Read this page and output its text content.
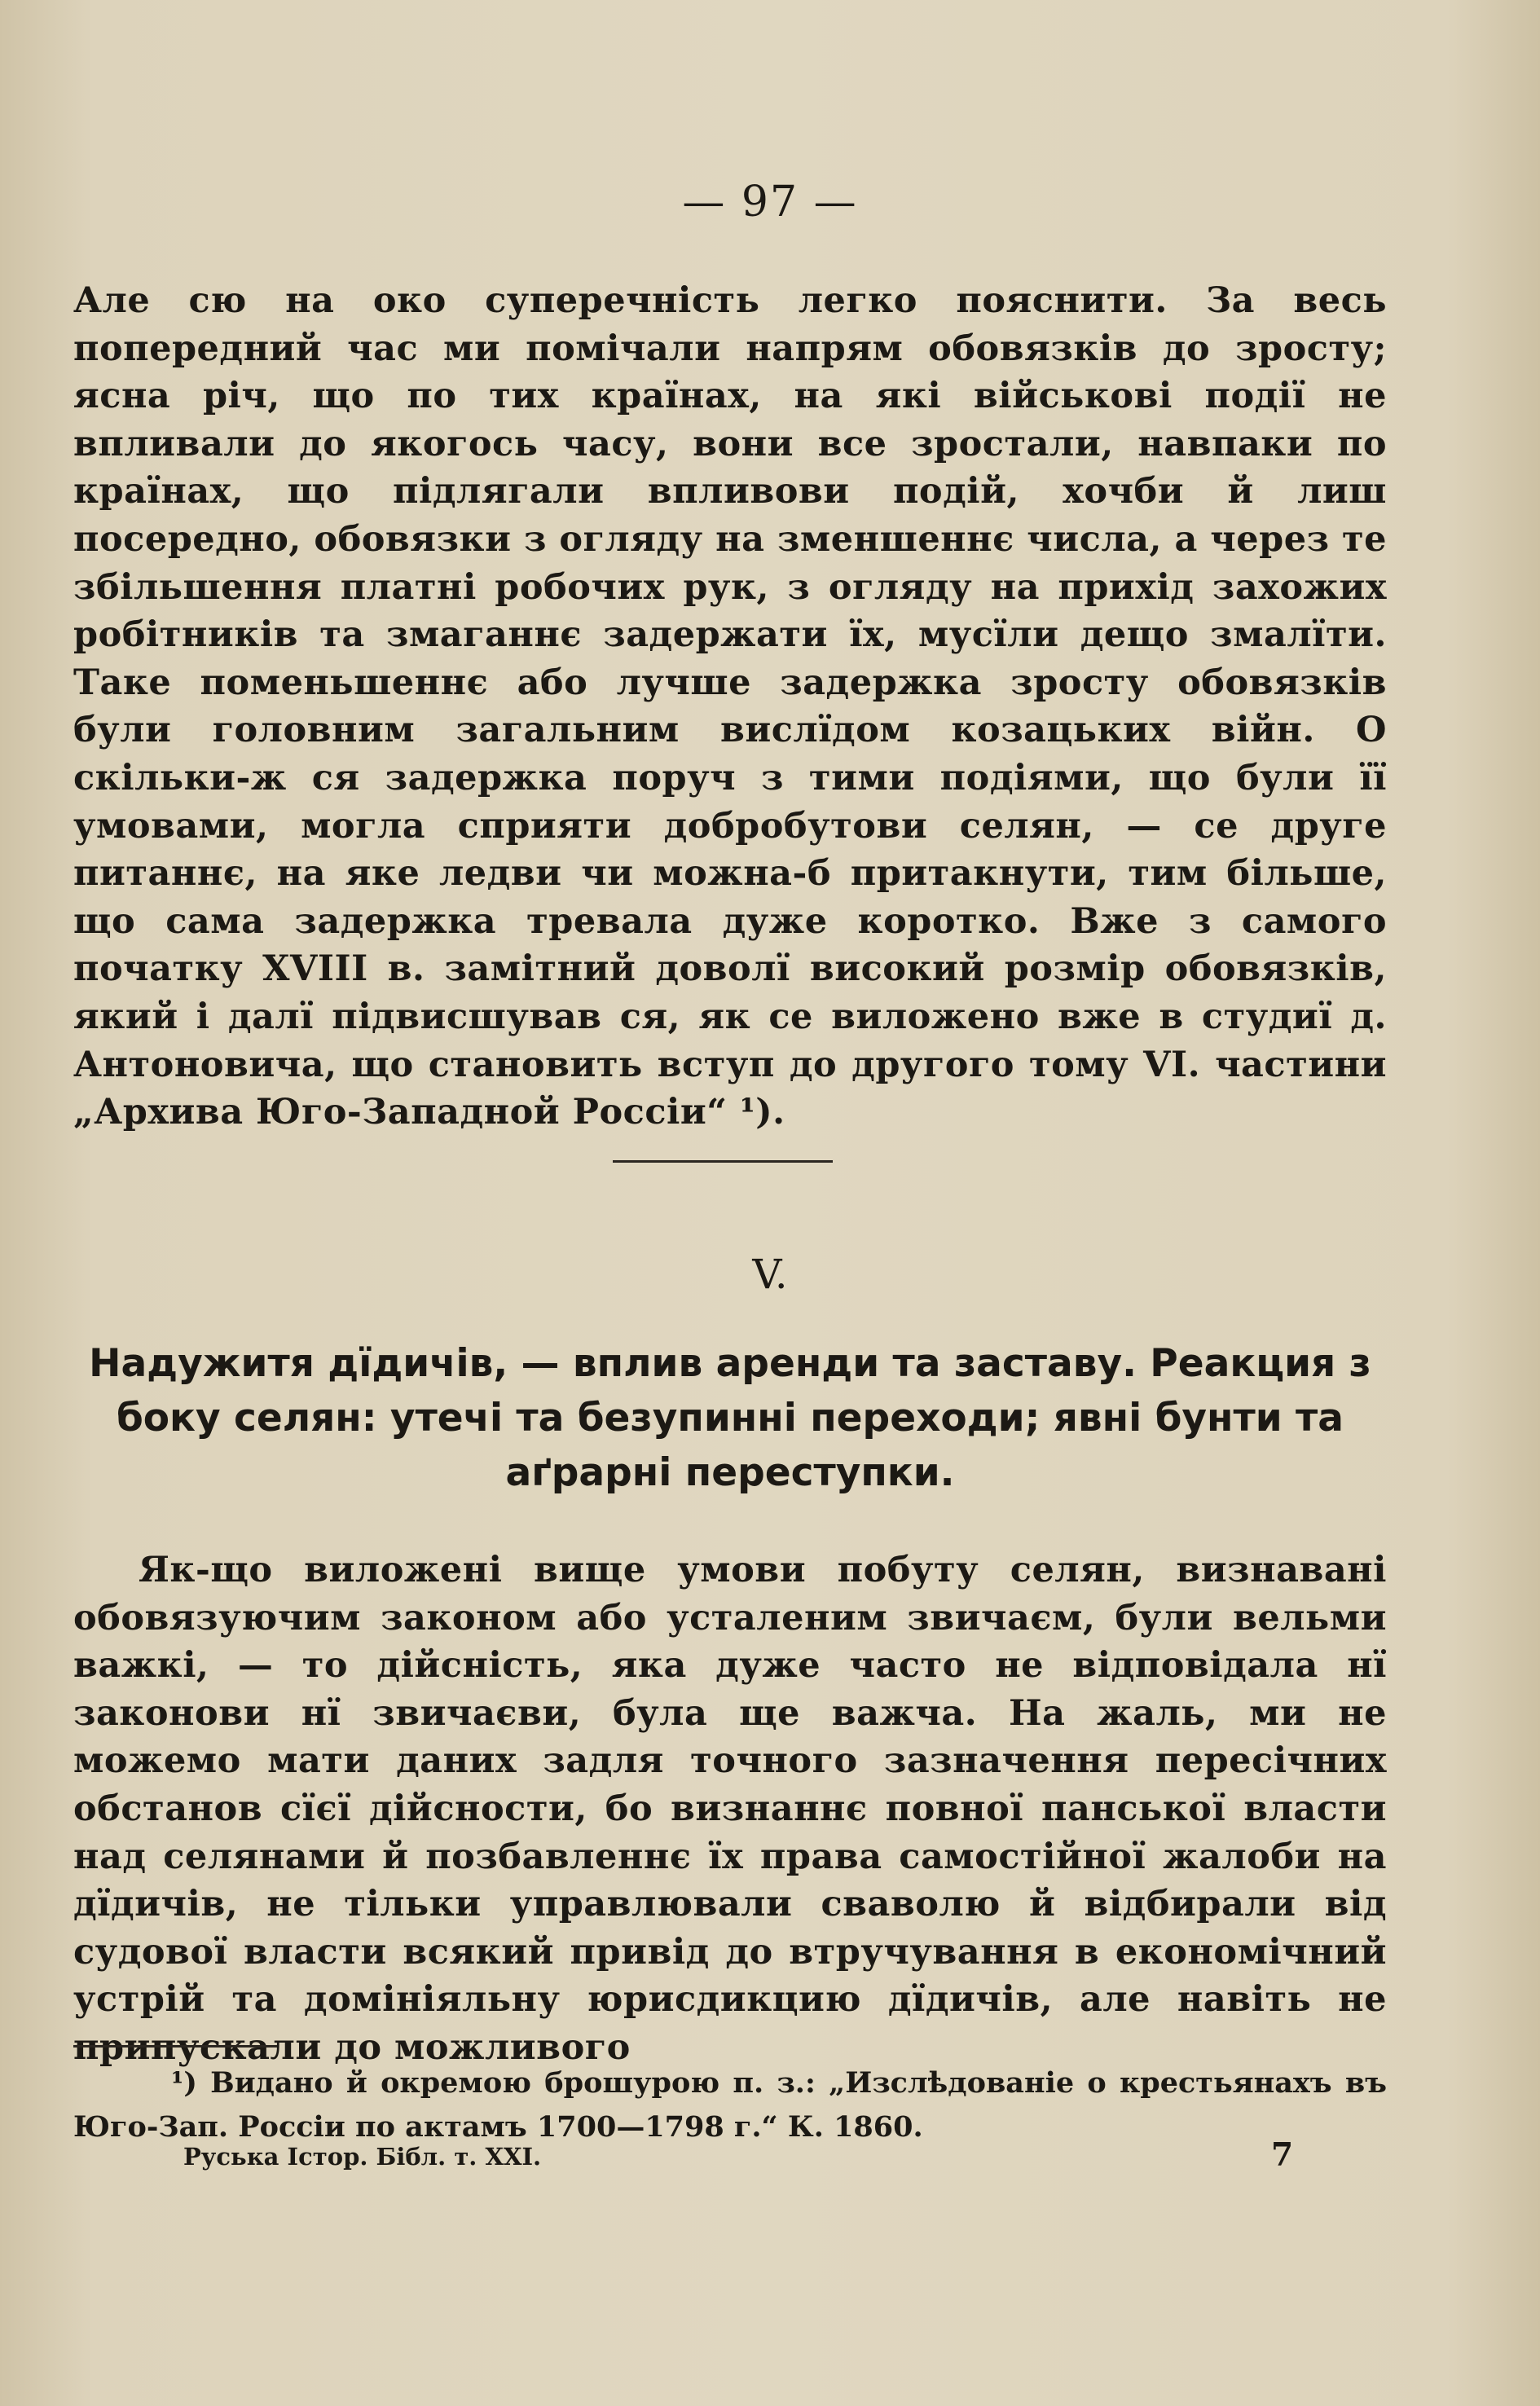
— 97 —

Але сю на око суперечність легко пояснити. За весь попередний час ми помічали напрям обовязків до зросту; ясна річ, що по тих країнах, на які військові події не впливали до якогось часу, вони все зростали, навпаки по країнах, що підлягали впливови подій, хочби й лиш посередно, обовязки з огляду на зменшеннє числа, а через те збільшення платні робочих рук, з огляду на прихід захожих робітників та змаганнє задержати їх, мусїли дещо змалїти. Таке поменьшеннє або лучше задержка зросту обовязків були головним загальним вислїдом козацьких війн. О скільки-ж ся задержка поруч з тими подіями, що були її умовами, могла сприяти добробутови селян, — се друге питаннє, на яке ледви чи можна-б притакнути, тим більше, що сама задержка тревала дуже коротко. Вже з самого початку XVIII в. замітний доволї високий розмір обовязків, який і далї підвисшував ся, як се виложено вже в студиї д. Антоновича, що становить вступ до другого тому VI. частини „Архива Юго-Западной Россіи“ ¹).

V.
Надужитя дїдичів, — вплив аренди та заставу. Реакция з боку селян: утечі та безупинні переходи; явні бунти та аґрарні переступки.

Як-що виложені вище умови побуту селян, визнавані обовязуючим законом або усталеним звичаєм, були вельми важкі, — то дійсність, яка дуже часто не відповідала нї законови нї звичаєви, була ще важча. На жаль, ми не можемо мати даних задля точного зазначення пересічних обстанов сїєї дійсности, бо визнаннє повної панської власти над селянами й позбавленнє їх права самостійної жалоби на дїдичів, не тільки управлювали сваволю й відбирали від судової власти всякий привід до втручування в економічний устрій та домініяльну юрисдикцию дїдичів, але навіть не припускали до можливого

¹) Видано й окремою брошурою п. з.: „Изслѣдованіе о крестьянахъ въ Юго-Зап. Россіи по актамъ 1700—1798 г.“ К. 1860.

Руська Істор. Бібл. т. XXI.	7
